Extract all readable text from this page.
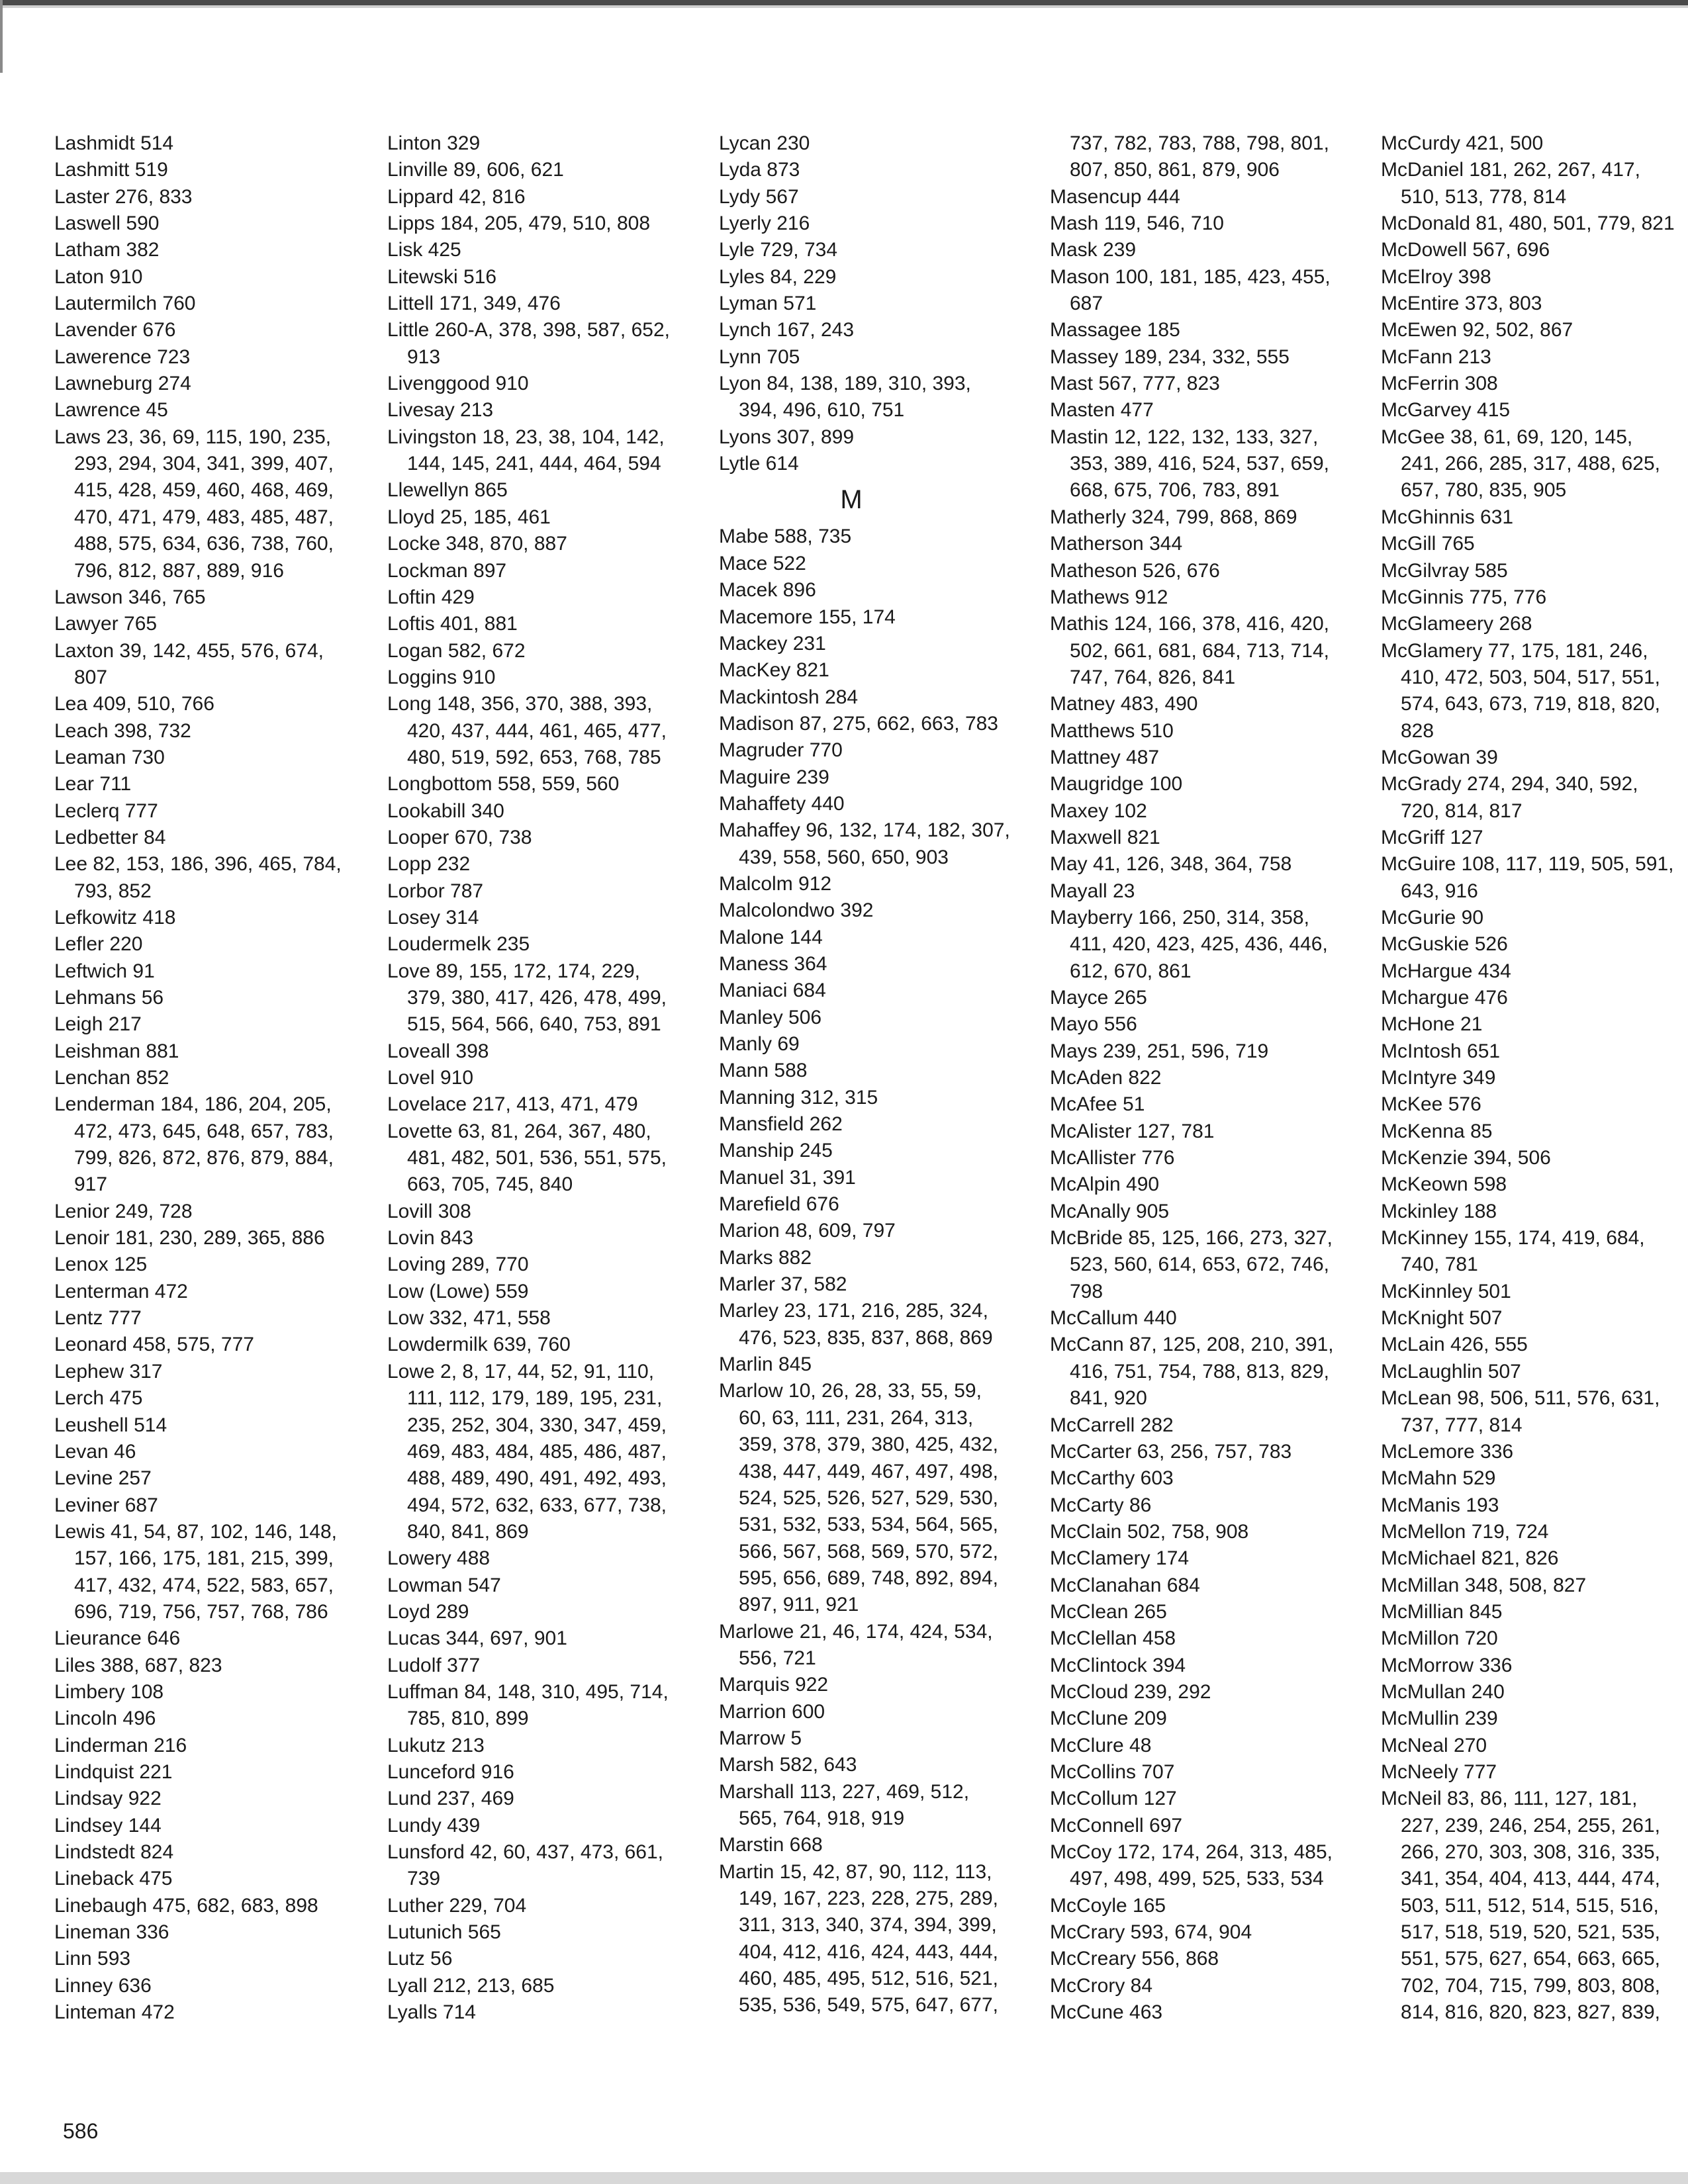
Lashmidt 514
Lashmitt 519
Laster 276, 833
Laswell 590
Latham 382
Laton 910
Lautermilch 760
Lavender 676
Lawerence 723
Lawneburg 274
Lawrence 45
Laws 23, 36, 69, 115, 190, 235,
293, 294, 304, 341, 399, 407,
415, 428, 459, 460, 468, 469,
470, 471, 479, 483, 485, 487,
488, 575, 634, 636, 738, 760,
796, 812, 887, 889, 916
Lawson 346, 765
Lawyer 765
Laxton 39, 142, 455, 576, 674,
807
Lea 409, 510, 766
Leach 398, 732
Leaman 730
Lear 711
Leclerq 777
Ledbetter 84
Lee 82, 153, 186, 396, 465, 784,
793, 852
Lefkowitz 418
Lefler 220
Leftwich 91
Lehmans 56
Leigh 217
Leishman 881
Lenchan 852
Lenderman 184, 186, 204, 205,
472, 473, 645, 648, 657, 783,
799, 826, 872, 876, 879, 884,
917
Lenior 249, 728
Lenoir 181, 230, 289, 365, 886
Lenox 125
Lenterman 472
Lentz 777
Leonard 458, 575, 777
Lephew 317
Lerch 475
Leushell 514
Levan 46
Levine 257
Leviner 687
Lewis 41, 54, 87, 102, 146, 148,
157, 166, 175, 181, 215, 399,
417, 432, 474, 522, 583, 657,
696, 719, 756, 757, 768, 786
Lieurance 646
Liles 388, 687, 823
Limbery 108
Lincoln 496
Linderman 216
Lindquist 221
Lindsay 922
Lindsey 144
Lindstedt 824
Lineback 475
Linebaugh 475, 682, 683, 898
Lineman 336
Linn 593
Linney 636
Linteman 472
Linton 329
Linville 89, 606, 621
Lippard 42, 816
Lipps 184, 205, 479, 510, 808
Lisk 425
Litewski 516
Littell 171, 349, 476
Little 260-A, 378, 398, 587, 652,
913
Livenggood 910
Livesay 213
Livingston 18, 23, 38, 104, 142,
144, 145, 241, 444, 464, 594
Llewellyn 865
Lloyd 25, 185, 461
Locke 348, 870, 887
Lockman 897
Loftin 429
Loftis 401, 881
Logan 582, 672
Loggins 910
Long 148, 356, 370, 388, 393,
420, 437, 444, 461, 465, 477,
480, 519, 592, 653, 768, 785
Longbottom 558, 559, 560
Lookabill 340
Looper 670, 738
Lopp 232
Lorbor 787
Losey 314
Loudermelk 235
Love 89, 155, 172, 174, 229,
379, 380, 417, 426, 478, 499,
515, 564, 566, 640, 753, 891
Loveall 398
Lovel 910
Lovelace 217, 413, 471, 479
Lovette 63, 81, 264, 367, 480,
481, 482, 501, 536, 551, 575,
663, 705, 745, 840
Lovill 308
Lovin 843
Loving 289, 770
Low (Lowe) 559
Low 332, 471, 558
Lowdermilk 639, 760
Lowe 2, 8, 17, 44, 52, 91, 110,
111, 112, 179, 189, 195, 231,
235, 252, 304, 330, 347, 459,
469, 483, 484, 485, 486, 487,
488, 489, 490, 491, 492, 493,
494, 572, 632, 633, 677, 738,
840, 841, 869
Lowery 488
Lowman 547
Loyd 289
Lucas 344, 697, 901
Ludolf 377
Luffman 84, 148, 310, 495, 714,
785, 810, 899
Lukutz 213
Lunceford 916
Lund 237, 469
Lundy 439
Lunsford 42, 60, 437, 473, 661,
739
Luther 229, 704
Lutunich 565
Lutz 56
Lyall 212, 213, 685
Lyalls 714
Lycan 230
Lyda 873
Lydy 567
Lyerly 216
Lyle 729, 734
Lyles 84, 229
Lyman 571
Lynch 167, 243
Lynn 705
Lyon 84, 138, 189, 310, 393,
394, 496, 610, 751
Lyons 307, 899
Lytle 614
M
Mabe 588, 735
Mace 522
Macek 896
Macemore 155, 174
Mackey 231
MacKey 821
Mackintosh 284
Madison 87, 275, 662, 663, 783
Magruder 770
Maguire 239
Mahaffety 440
Mahaffey 96, 132, 174, 182, 307,
439, 558, 560, 650, 903
Malcolm 912
Malcolondwo 392
Malone 144
Maness 364
Maniaci 684
Manley 506
Manly 69
Mann 588
Manning 312, 315
Mansfield 262
Manship 245
Manuel 31, 391
Marefield 676
Marion 48, 609, 797
Marks 882
Marler 37, 582
Marley 23, 171, 216, 285, 324,
476, 523, 835, 837, 868, 869
Marlin 845
Marlow 10, 26, 28, 33, 55, 59,
60, 63, 111, 231, 264, 313,
359, 378, 379, 380, 425, 432,
438, 447, 449, 467, 497, 498,
524, 525, 526, 527, 529, 530,
531, 532, 533, 534, 564, 565,
566, 567, 568, 569, 570, 572,
595, 656, 689, 748, 892, 894,
897, 911, 921
Marlowe 21, 46, 174, 424, 534,
556, 721
Marquis 922
Marrion 600
Marrow 5
Marsh 582, 643
Marshall 113, 227, 469, 512,
565, 764, 918, 919
Marstin 668
Martin 15, 42, 87, 90, 112, 113,
149, 167, 223, 228, 275, 289,
311, 313, 340, 374, 394, 399,
404, 412, 416, 424, 443, 444,
460, 485, 495, 512, 516, 521,
535, 536, 549, 575, 647, 677,
737, 782, 783, 788, 798, 801,
807, 850, 861, 879, 906
Masencup 444
Mash 119, 546, 710
Mask 239
Mason 100, 181, 185, 423, 455,
687
Massagee 185
Massey 189, 234, 332, 555
Mast 567, 777, 823
Masten 477
Mastin 12, 122, 132, 133, 327,
353, 389, 416, 524, 537, 659,
668, 675, 706, 783, 891
Matherly 324, 799, 868, 869
Matherson 344
Matheson 526, 676
Mathews 912
Mathis 124, 166, 378, 416, 420,
502, 661, 681, 684, 713, 714,
747, 764, 826, 841
Matney 483, 490
Matthews 510
Mattney 487
Maugridge 100
Maxey 102
Maxwell 821
May 41, 126, 348, 364, 758
Mayall 23
Mayberry 166, 250, 314, 358,
411, 420, 423, 425, 436, 446,
612, 670, 861
Mayce 265
Mayo 556
Mays 239, 251, 596, 719
McAden 822
McAfee 51
McAlister 127, 781
McAllister 776
McAlpin 490
McAnally 905
McBride 85, 125, 166, 273, 327,
523, 560, 614, 653, 672, 746,
798
McCallum 440
McCann 87, 125, 208, 210, 391,
416, 751, 754, 788, 813, 829,
841, 920
McCarrell 282
McCarter 63, 256, 757, 783
McCarthy 603
McCarty 86
McClain 502, 758, 908
McClamery 174
McClanahan 684
McClean 265
McClellan 458
McClintock 394
McCloud 239, 292
McClune 209
McClure 48
McCollins 707
McCollum 127
McConnell 697
McCoy 172, 174, 264, 313, 485,
497, 498, 499, 525, 533, 534
McCoyle 165
McCrary 593, 674, 904
McCreary 556, 868
McCrory 84
McCune 463
McCurdy 421, 500
McDaniel 181, 262, 267, 417,
510, 513, 778, 814
McDonald 81, 480, 501, 779, 821
McDowell 567, 696
McElroy 398
McEntire 373, 803
McEwen 92, 502, 867
McFann 213
McFerrin 308
McGarvey 415
McGee 38, 61, 69, 120, 145,
241, 266, 285, 317, 488, 625,
657, 780, 835, 905
McGhinnis 631
McGill 765
McGilvray 585
McGinnis 775, 776
McGlameery 268
McGlamery 77, 175, 181, 246,
410, 472, 503, 504, 517, 551,
574, 643, 673, 719, 818, 820,
828
McGowan 39
McGrady 274, 294, 340, 592,
720, 814, 817
McGriff 127
McGuire 108, 117, 119, 505, 591,
643, 916
McGurie 90
McGuskie 526
McHargue 434
Mchargue 476
McHone 21
McIntosh 651
McIntyre 349
McKee 576
McKenna 85
McKenzie 394, 506
McKeown 598
Mckinley 188
McKinney 155, 174, 419, 684,
740, 781
McKinnley 501
McKnight 507
McLain 426, 555
McLaughlin 507
McLean 98, 506, 511, 576, 631,
737, 777, 814
McLemore 336
McMahn 529
McManis 193
McMellon 719, 724
McMichael 821, 826
McMillan 348, 508, 827
McMillian 845
McMillon 720
McMorrow 336
McMullan 240
McMullin 239
McNeal 270
McNeely 777
McNeil 83, 86, 111, 127, 181,
227, 239, 246, 254, 255, 261,
266, 270, 303, 308, 316, 335,
341, 354, 404, 413, 444, 474,
503, 511, 512, 514, 515, 516,
517, 518, 519, 520, 521, 535,
551, 575, 627, 654, 663, 665,
702, 704, 715, 799, 803, 808,
814, 816, 820, 823, 827, 839,
586
